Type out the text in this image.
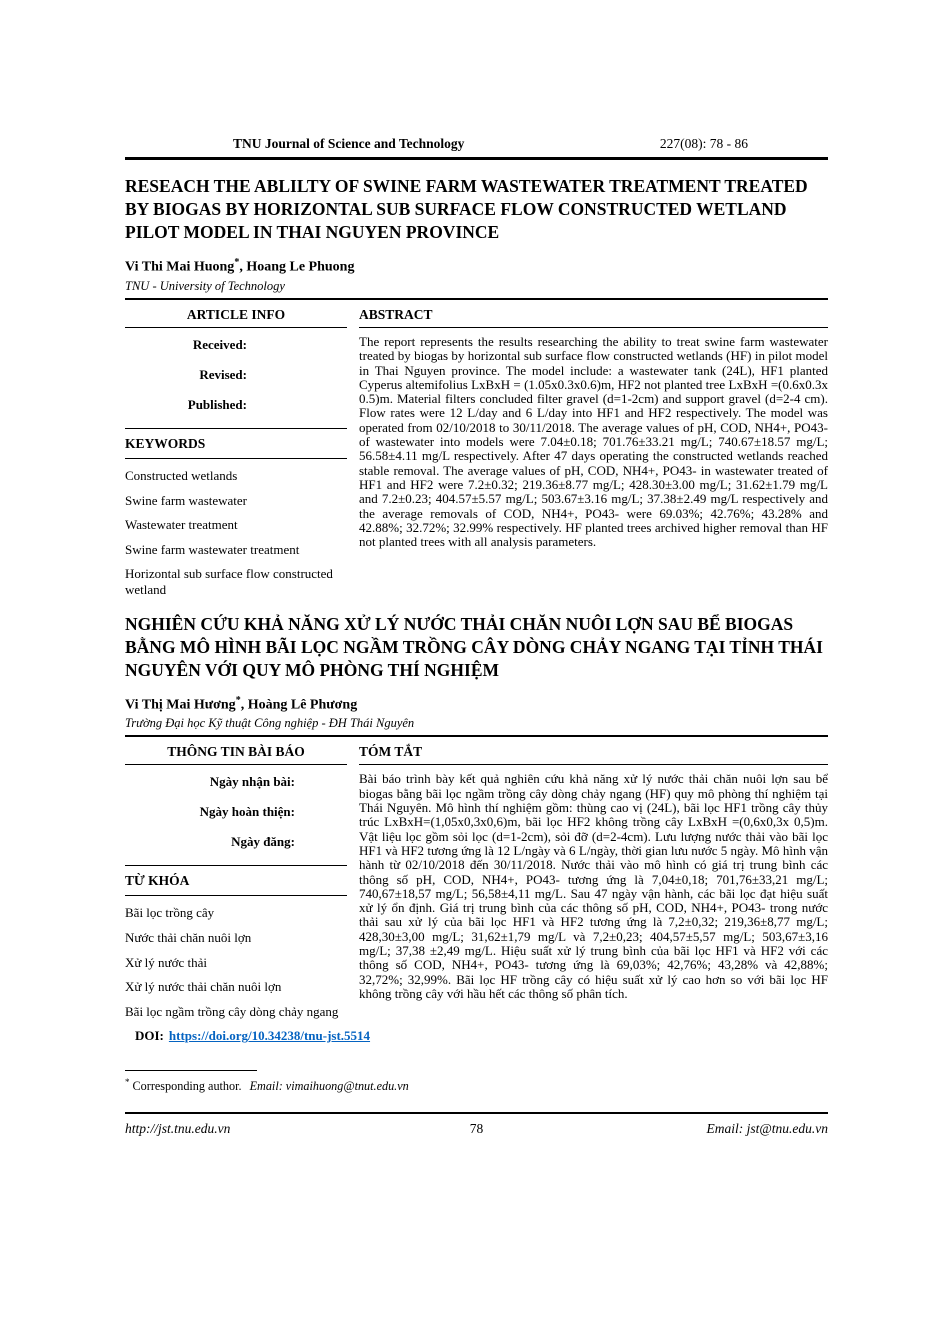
TNU Journal of Science and Technology	227(08): 78 - 86
RESEACH THE ABLILTY OF SWINE FARM WASTEWATER TREATMENT TREATED BY BIOGAS BY HORIZONTAL SUB SURFACE FLOW CONSTRUCTED WETLAND PILOT MODEL IN THAI NGUYEN PROVINCE

Vi Thi Mai Huong*, Hoang Le Phuong

TNU - University of Technology

ARTICLE INFO	ABSTRACT

Received:

Revised:

Published:

KEYWORDS
Constructed wetlands
Swine farm wastewater
Wastewater treatment
Swine farm wastewater treatment
Horizontal sub surface flow constructed wetland
The report represents the results researching the ability to treat swine farm wastewater treated by biogas by horizontal sub surface flow constructed wetlands (HF) in pilot model in Thai Nguyen province. The model include: a wastewater tank (24L), HF1 planted Cyperus altemifolius LxBxH = (1.05x0.3x0.6)m, HF2 not planted tree LxBxH =(0.6x0.3x 0.5)m. Material filters concluded filter gravel (d=1-2cm) and support gravel (d=2-4 cm). Flow rates were 12 L/day and 6 L/day into HF1 and HF2 respectively. The model was operated from 02/10/2018 to 30/11/2018. The average values of pH, COD, NH4+, PO43- of wastewater into models were 7.04±0.18; 701.76±33.21 mg/L; 740.67±18.57 mg/L; 56.58±4.11 mg/L respectively. After 47 days operating the constructed wetlands reached stable removal. The average values of pH, COD, NH4+, PO43- in wastewater treated of HF1 and HF2 were 7.2±0.32; 219.36±8.77 mg/L; 428.30±3.00 mg/L; 31.62±1.79 mg/L and 7.2±0.23; 404.57±5.57 mg/L; 503.67±3.16 mg/L; 37.38±2.49 mg/L respectively and the average removals of COD, NH4+, PO43- were 69.03%; 42.76%; 43.28% and 42.88%; 32.72%; 32.99% respectively. HF planted trees archived higher removal than HF not planted trees with all analysis parameters.
NGHIÊN CỨU KHẢ NĂNG XỬ LÝ NƯỚC THẢI CHĂN NUÔI LỢN SAU BỂ BIOGAS BẰNG MÔ HÌNH BÃI LỌC NGẦM TRỒNG CÂY DÒNG CHẢY NGANG TẠI TỈNH THÁI NGUYÊN VỚI QUY MÔ PHÒNG THÍ NGHIỆM

Vi Thị Mai Hương*, Hoàng Lê Phương

Trường Đại học Kỹ thuật Công nghiệp - ĐH Thái Nguyên

THÔNG TIN BÀI BÁO	TÓM TẮT

Ngày nhận bài:

Ngày hoàn thiện:

Ngày đăng:

TỪ KHÓA
Bãi lọc trồng cây
Nước thải chăn nuôi lợn
Xử lý nước thải
Xử lý nước thải chăn nuôi lợn
Bãi lọc ngầm trồng cây dòng chảy ngang
Bài báo trình bày kết quả nghiên cứu khả năng xử lý nước thải chăn nuôi lợn sau bể biogas bằng bãi lọc ngầm trồng cây dòng chảy ngang (HF) quy mô phòng thí nghiệm tại Thái Nguyên. Mô hình thí nghiệm gồm: thùng cao vị (24L), bãi lọc HF1 trồng cây thủy trúc LxBxH=(1,05x0,3x0,6)m, bãi lọc HF2 không trồng cây LxBxH =(0,6x0,3x 0,5)m. Vật liệu lọc gồm sỏi lọc (d=1-2cm), sỏi đỡ (d=2-4cm). Lưu lượng nước thải vào bãi lọc HF1 và HF2 tương ứng là 12 L/ngày và 6 L/ngày, thời gian lưu nước 5 ngày. Mô hình vận hành từ 02/10/2018 đến 30/11/2018. Nước thải vào mô hình có giá trị trung bình các thông số pH, COD, NH4+, PO43- tương ứng là 7,04±0,18; 701,76±33,21 mg/L; 740,67±18,57 mg/L; 56,58±4,11 mg/L. Sau 47 ngày vận hành, các bãi lọc đạt hiệu suất xử lý ổn định. Giá trị trung bình của các thông số pH, COD, NH4+, PO43- trong nước thải sau xử lý của bãi lọc HF1 và HF2 tương ứng là 7,2±0,32; 219,36±8,77 mg/L; 428,30±3,00 mg/L; 31,62±1,79 mg/L và 7,2±0,23; 404,57±5,57 mg/L; 503,67±3,16 mg/L; 37,38 ±2,49 mg/L. Hiệu suất xử lý trung bình của bãi lọc HF1 và HF2 với các thông số COD, NH4+, PO43- tương ứng là 69,03%; 42,76%; 43,28% và 42,88%; 32,72%; 32,99%. Bãi lọc HF trồng cây có hiệu suất xử lý cao hơn so với bãi lọc HF không trồng cây với hầu hết các thông số phân tích.

DOI: https://doi.org/10.34238/tnu-jst.5514

* Corresponding author. Email: vimaihuong@tnut.edu.vn
http://jst.tnu.edu.vn	78	Email: jst@tnu.edu.vn
